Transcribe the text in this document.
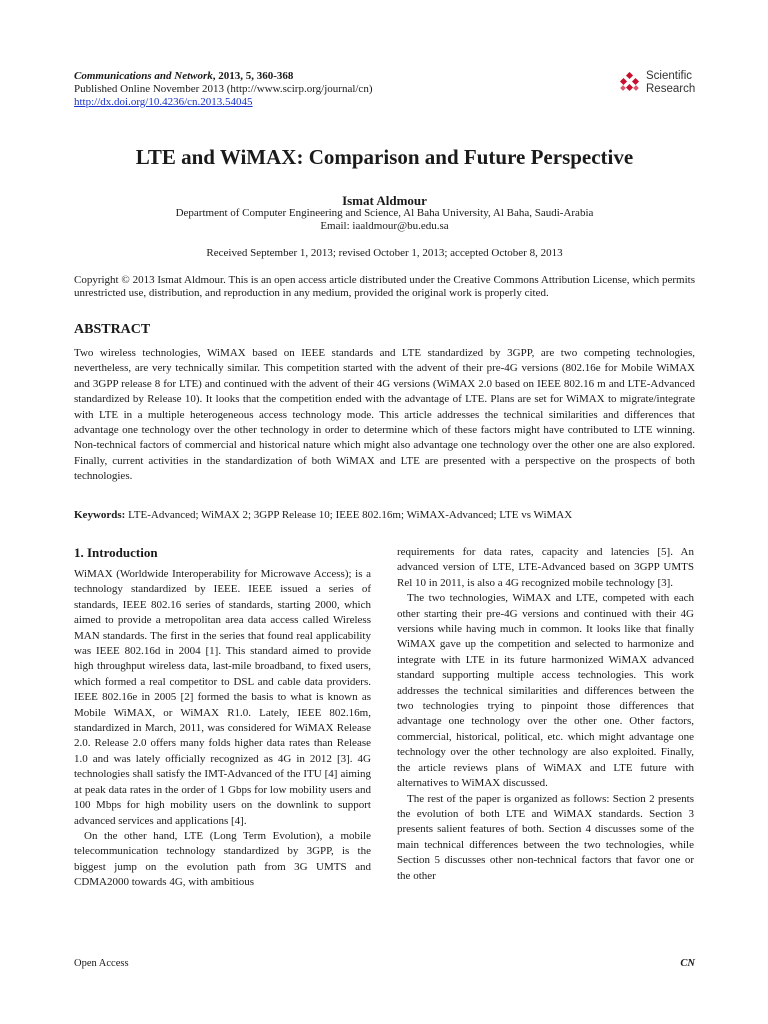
Communications and Network, 2013, 5, 360-368
Published Online November 2013 (http://www.scirp.org/journal/cn)
http://dx.doi.org/10.4236/cn.2013.54045
Scientific
Research
LTE and WiMAX: Comparison and Future Perspective
Ismat Aldmour
Department of Computer Engineering and Science, Al Baha University, Al Baha, Saudi-Arabia
Email: iaaldmour@bu.edu.sa
Received September 1, 2013; revised October 1, 2013; accepted October 8, 2013
Copyright © 2013 Ismat Aldmour. This is an open access article distributed under the Creative Commons Attribution License, which permits unrestricted use, distribution, and reproduction in any medium, provided the original work is properly cited.
ABSTRACT

Two wireless technologies, WiMAX based on IEEE standards and LTE standardized by 3GPP, are two competing technologies, nevertheless, are very technically similar. This competition started with the advent of their pre-4G versions (802.16e for Mobile WiMAX and 3GPP release 8 for LTE) and continued with the advent of their 4G versions (WiMAX 2.0 based on IEEE 802.16 m and LTE-Advanced standardized by Release 10). It looks that the competition ended with the advantage of LTE. Plans are set for WiMAX to migrate/integrate with LTE in a multiple heterogeneous access technology mode. This article addresses the technical similarities and differences that advantage one technology over the other technology in order to determine which of these factors might have contributed to LTE winning. Non-technical factors of commercial and historical nature which might also advantage one technology over the other one are also explored. Finally, current activities in the standardization of both WiMAX and LTE are presented with a perspective on the prospects of both technologies.

Keywords: LTE-Advanced; WiMAX 2; 3GPP Release 10; IEEE 802.16m; WiMAX-Advanced; LTE vs WiMAX
1. Introduction

WiMAX (Worldwide Interoperability for Microwave Access); is a technology standardized by IEEE. IEEE issued a series of standards, IEEE 802.16 series of standards, starting 2000, which aimed to provide a metropolitan area data access called Wireless MAN standards. The first in the series that found real applicability was IEEE 802.16d in 2004 [1]. This standard aimed to provide high throughput wireless data, last-mile broadband, to fixed users, which formed a real competitor to DSL and cable data providers. IEEE 802.16e in 2005 [2] formed the basis to what is known as Mobile WiMAX, or WiMAX R1.0. Lately, IEEE 802.16m, standardized in March, 2011, was considered for WiMAX Release 2.0. Release 2.0 offers many folds higher data rates than Release 1.0 and was lately officially recognized as 4G in 2012 [3]. 4G technologies shall satisfy the IMT-Advanced of the ITU [4] aiming at peak data rates in the order of 1 Gbps for low mobility users and 100 Mbps for high mobility users on the downlink to support advanced services and applications [4].

On the other hand, LTE (Long Term Evolution), a mobile telecommunication technology standardized by 3GPP, is the biggest jump on the evolution path from 3G UMTS and CDMA2000 towards 4G, with ambitious

requirements for data rates, capacity and latencies [5]. An advanced version of LTE, LTE-Advanced based on 3GPP UMTS Rel 10 in 2011, is also a 4G recognized mobile technology [3].

The two technologies, WiMAX and LTE, competed with each other starting their pre-4G versions and continued with their 4G versions while having much in common. It looks like that finally WiMAX gave up the competition and selected to harmonize and integrate with LTE in its future harmonized WiMAX advanced standard supporting multiple access technologies. This work addresses the technical similarities and differences between the two technologies trying to pinpoint those differences that advantage one technology over the other one. Other factors, commercial, historical, political, etc. which might advantage one technology over the other technology are also exploited. Finally, the article reviews plans of WiMAX and LTE future with alternatives to WiMAX discussed.

The rest of the paper is organized as follows: Section 2 presents the evolution of both LTE and WiMAX standards. Section 3 presents salient features of both. Section 4 discusses some of the main technical differences between the two technologies, while Section 5 discusses other non-technical factors that favor one or the other

Open Access	CN
